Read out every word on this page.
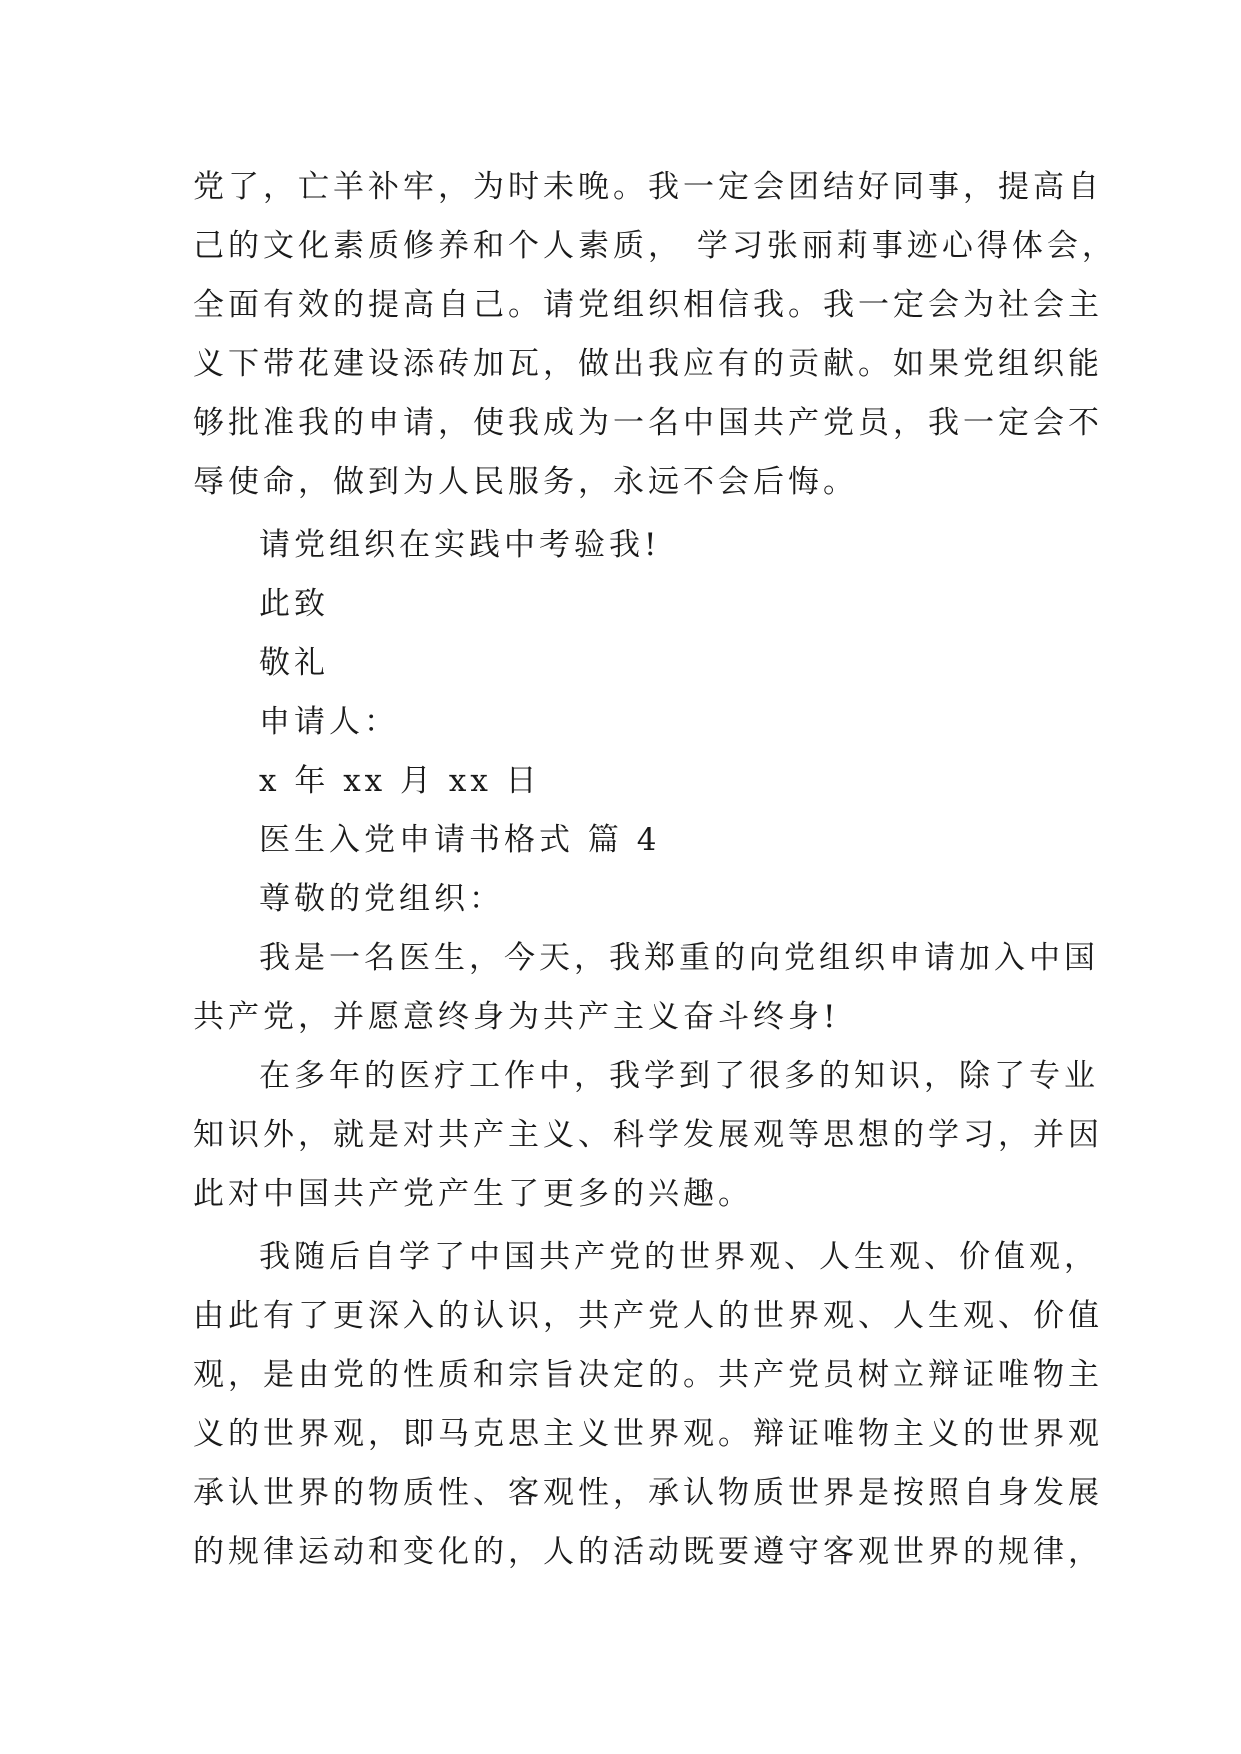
党了，亡羊补牢，为时未晚。我一定会团结好同事，提高自

己的文化素质修养和个人素质， 学习张丽莉事迹心得体会，

全面有效的提高自己。请党组织相信我。我一定会为社会主

义下带花建设添砖加瓦，做出我应有的贡献。如果党组织能

够批准我的申请，使我成为一名中国共产党员，我一定会不

辱使命，做到为人民服务，永远不会后悔。

请党组织在实践中考验我!

此致

敬礼

申请人：

x 年 xx 月 xx 日

医生入党申请书格式 篇 4

尊敬的党组织：

我是一名医生，今天，我郑重的向党组织申请加入中国

共产党，并愿意终身为共产主义奋斗终身!

在多年的医疗工作中，我学到了很多的知识，除了专业

知识外，就是对共产主义、科学发展观等思想的学习，并因

此对中国共产党产生了更多的兴趣。

我随后自学了中国共产党的世界观、人生观、价值观，

由此有了更深入的认识，共产党人的世界观、人生观、价值

观，是由党的性质和宗旨决定的。共产党员树立辩证唯物主

义的世界观，即马克思主义世界观。辩证唯物主义的世界观

承认世界的物质性、客观性，承认物质世界是按照自身发展

的规律运动和变化的，人的活动既要遵守客观世界的规律，
